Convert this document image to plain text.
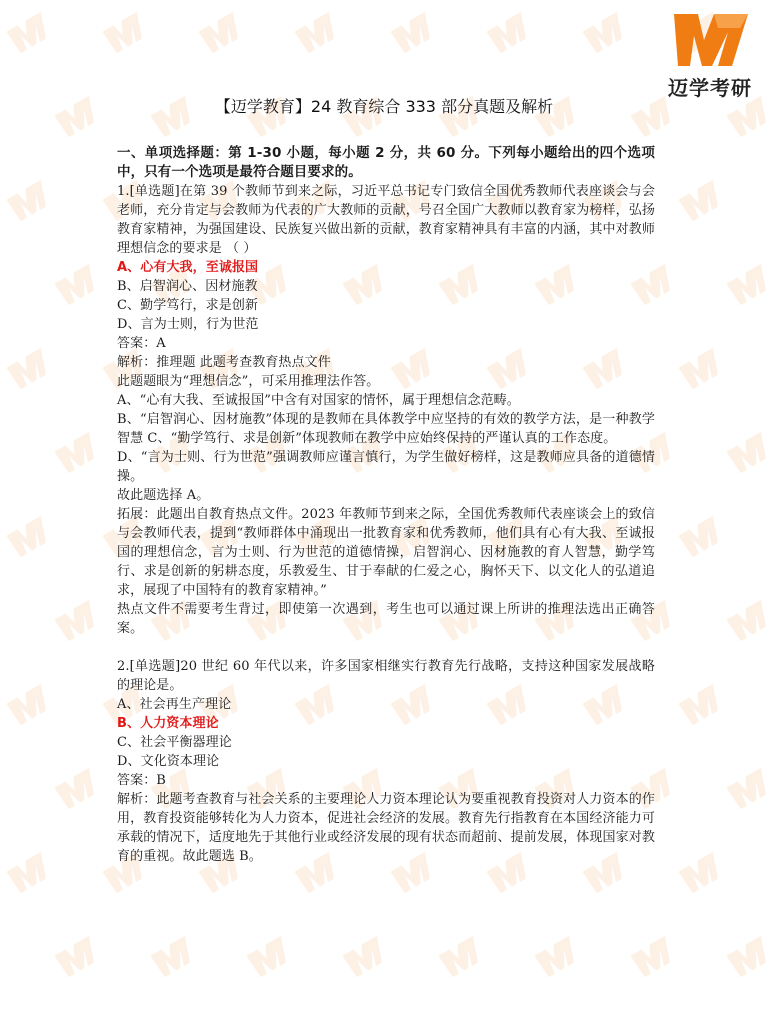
迈学考研
【迈学教育】24 教育综合 333 部分真题及解析

一、单项选择题：第 1-30 小题，每小题 2 分，共 60 分。下列每小题给出的四个选项中，只有一个选项是最符合题目要求的。

1.[单选题]在第 39 个教师节到来之际，习近平总书记专门致信全国优秀教师代表座谈会与会老师，充分肯定与会教师为代表的广大教师的贡献，号召全国广大教师以教育家为榜样，弘扬教育家精神，为强国建设、民族复兴做出新的贡献，教育家精神具有丰富的内涵，其中对教师理想信念的要求是 （ ）

A、心有大我，至诚报国

B、启智润心、因材施教

C、勤学笃行，求是创新

D、言为士则，行为世范

答案：A

解析：推理题 此题考查教育热点文件

此题题眼为“理想信念”，可采用推理法作答。

A、“心有大我、至诚报国”中含有对国家的情怀，属于理想信念范畴。

B、“启智润心、因材施教”体现的是教师在具体教学中应坚持的有效的教学方法，是一种教学智慧 C、“勤学笃行、求是创新”体现教师在教学中应始终保持的严谨认真的工作态度。

D、“言为士则、行为世范”强调教师应谨言慎行，为学生做好榜样，这是教师应具备的道德情操。

故此题选择 A。

拓展：此题出自教育热点文件。2023 年教师节到来之际，全国优秀教师代表座谈会上的致信与会教师代表，提到“教师群体中涌现出一批教育家和优秀教师，他们具有心有大我、至诚报国的理想信念，言为士则、行为世范的道德情操，启智润心、因材施教的育人智慧，勤学笃行、求是创新的躬耕态度，乐教爱生、甘于奉献的仁爱之心，胸怀天下、以文化人的弘道追求，展现了中国特有的教育家精神。”

热点文件不需要考生背过，即使第一次遇到，考生也可以通过课上所讲的推理法选出正确答案。

2.[单选题]20 世纪 60 年代以来，许多国家相继实行教育先行战略，支持这种国家发展战略的理论是。

A、社会再生产理论

B、人力资本理论

C、社会平衡器理论

D、文化资本理论

答案：B

解析：此题考查教育与社会关系的主要理论人力资本理论认为要重视教育投资对人力资本的作用，教育投资能够转化为人力资本，促进社会经济的发展。教育先行指教育在本国经济能力可承载的情况下，适度地先于其他行业或经济发展的现有状态而超前、提前发展，体现国家对教育的重视。故此题选 B。
